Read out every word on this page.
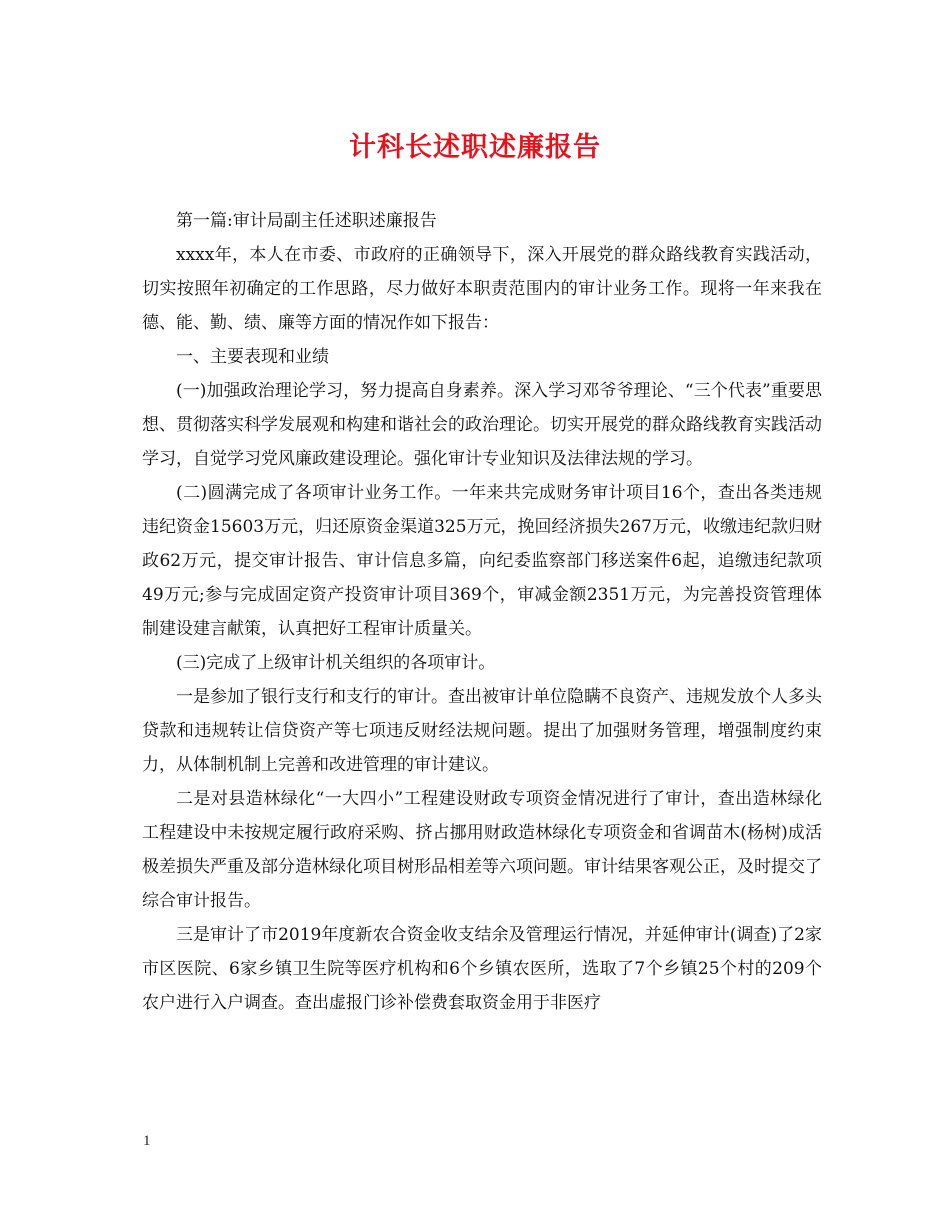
计科长述职述廉报告

第一篇:审计局副主任述职述廉报告

xxxx年，本人在市委、市政府的正确领导下，深入开展党的群众路线教育实践活动，切实按照年初确定的工作思路，尽力做好本职责范围内的审计业务工作。现将一年来我在德、能、勤、绩、廉等方面的情况作如下报告：

一、主要表现和业绩

(一)加强政治理论学习，努力提高自身素养。深入学习邓爷爷理论、“三个代表”重要思想、贯彻落实科学发展观和构建和谐社会的政治理论。切实开展党的群众路线教育实践活动学习，自觉学习党风廉政建设理论。强化审计专业知识及法律法规的学习。

(二)圆满完成了各项审计业务工作。一年来共完成财务审计项目16个，查出各类违规违纪资金15603万元，归还原资金渠道325万元，挽回经济损失267万元，收缴违纪款归财政62万元，提交审计报告、审计信息多篇，向纪委监察部门移送案件6起，追缴违纪款项49万元;参与完成固定资产投资审计项目369个，审减金额2351万元，为完善投资管理体制建设建言献策，认真把好工程审计质量关。

(三)完成了上级审计机关组织的各项审计。

一是参加了银行支行和支行的审计。查出被审计单位隐瞒不良资产、违规发放个人多头贷款和违规转让信贷资产等七项违反财经法规问题。提出了加强财务管理，增强制度约束力，从体制机制上完善和改进管理的审计建议。

二是对县造林绿化“一大四小”工程建设财政专项资金情况进行了审计，查出造林绿化工程建设中未按规定履行政府采购、挤占挪用财政造林绿化专项资金和省调苗木(杨树)成活极差损失严重及部分造林绿化项目树形品相差等六项问题。审计结果客观公正，及时提交了综合审计报告。

三是审计了市2019年度新农合资金收支结余及管理运行情况，并延伸审计(调查)了2家市区医院、6家乡镇卫生院等医疗机构和6个乡镇农医所，选取了7个乡镇25个村的209个农户进行入户调查。查出虚报门诊补偿费套取资金用于非医疗

1
